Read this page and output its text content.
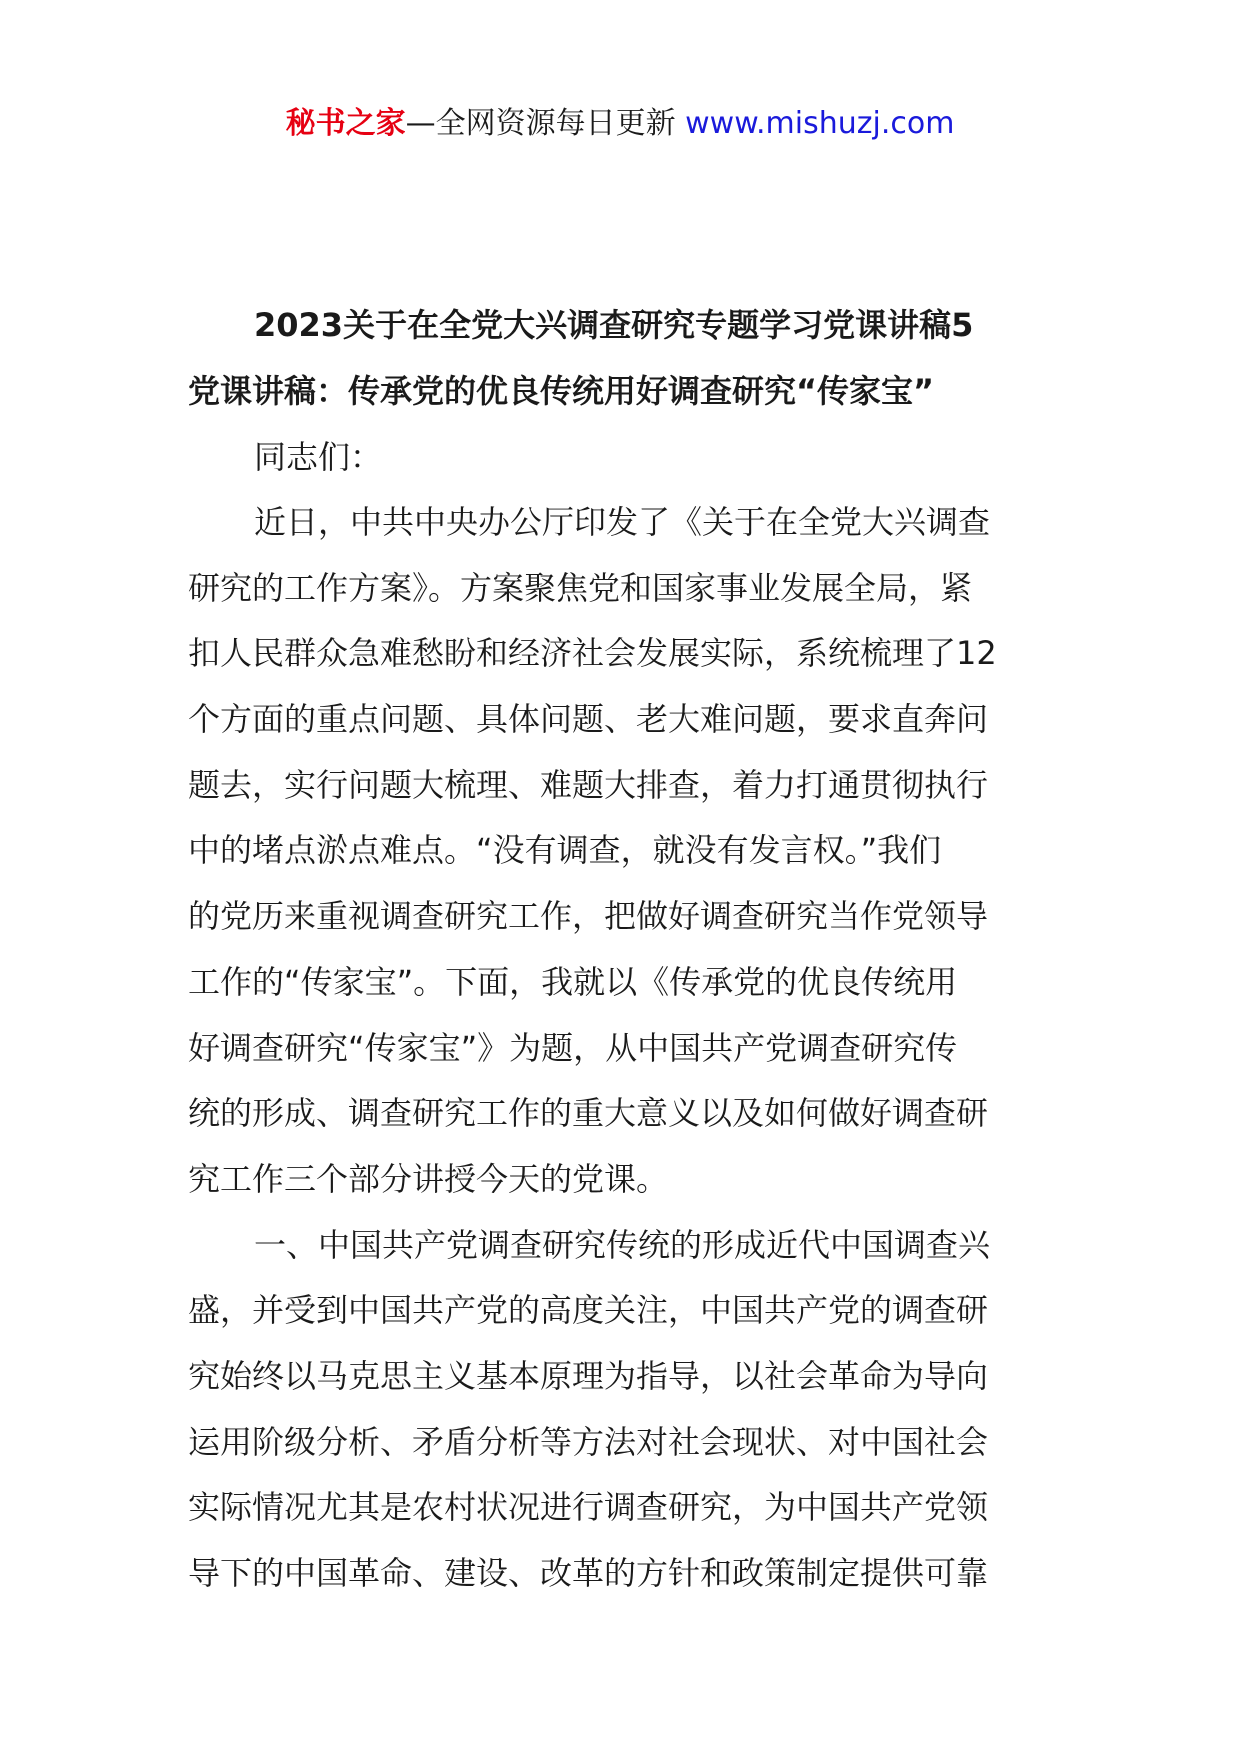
秘书之家—全网资源每日更新 www.mishuzj.com
2023关于在全党大兴调查研究专题学习党课讲稿5
党课讲稿：传承党的优良传统用好调查研究“传家宝”
同志们：
近日，中共中央办公厅印发了《关于在全党大兴调查
研究的工作方案》。方案聚焦党和国家事业发展全局，紧
扣人民群众急难愁盼和经济社会发展实际，系统梳理了12
个方面的重点问题、具体问题、老大难问题，要求直奔问
题去，实行问题大梳理、难题大排查，着力打通贯彻执行
中的堵点淤点难点。“没有调查，就没有发言权。”我们
的党历来重视调查研究工作，把做好调查研究当作党领导
工作的“传家宝”。下面，我就以《传承党的优良传统用
好调查研究“传家宝”》为题，从中国共产党调查研究传
统的形成、调查研究工作的重大意义以及如何做好调查研
究工作三个部分讲授今天的党课。
一、中国共产党调查研究传统的形成近代中国调查兴
盛，并受到中国共产党的高度关注，中国共产党的调查研
究始终以马克思主义基本原理为指导，以社会革命为导向
运用阶级分析、矛盾分析等方法对社会现状、对中国社会
实际情况尤其是农村状况进行调查研究，为中国共产党领
导下的中国革命、建设、改革的方针和政策制定提供可靠
